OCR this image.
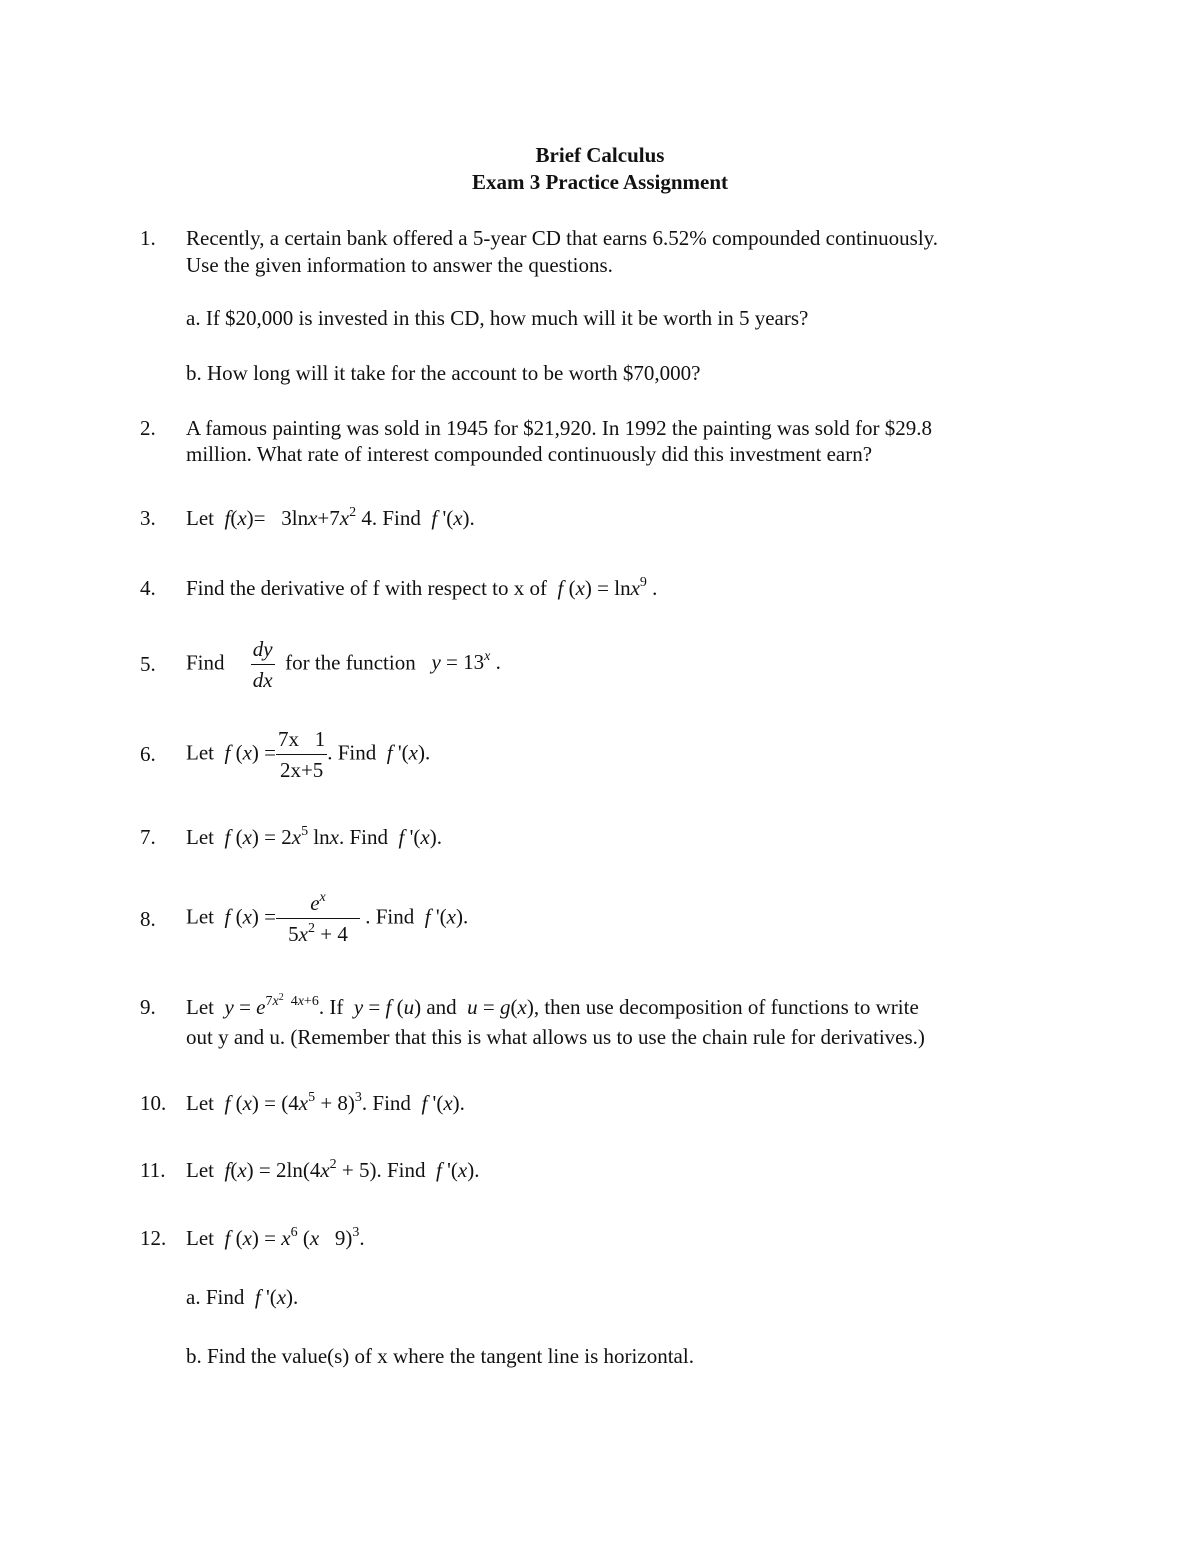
Brief Calculus
Exam 3 Practice Assignment
1. Recently, a certain bank offered a 5-year CD that earns 6.52% compounded continuously.
Use the given information to answer the questions.
a. If $20,000 is invested in this CD, how much will it be worth in 5 years?
b. How long will it take for the account to be worth $70,000?
2. A famous painting was sold in 1945 for $21,920. In 1992 the painting was sold for $29.8
million. What rate of interest compounded continuously did this investment earn?
3. Let $f(x)= 3\ln x+7x^2$ 4. Find f '(x).
4. Find the derivative of f with respect to x of f (x) = lnx$^9$ .
5. Find $\frac{dy}{dx}$ for the function $y = 13^x$ .
6. Let f $(x) = \frac{7x 1}{2x+5}$ . Find f '(x).
7. Let f $(x) = 2x^5$ lnx. Find f '(x).
8. Let f $(x) = \frac{e^x}{5x^2 + 4}$ . Find f '(x).
9. Let $y = e^{7x^2 4x+6}$. If y = f (u) and u = g(x), then use decomposition of functions to write
out y and u. (Remember that this is what allows us to use the chain rule for derivatives.)
10. Let f $(x) = (4x^5 + 8)^3$. Find f '(x).
11. Let $f(x) = 2\ln(4x^2 + 5)$. Find f '(x).
12. Let f $(x) = x^6$ (x   9)$^3$.
a. Find f '(x).
b. Find the value(s) of x where the tangent line is horizontal.
